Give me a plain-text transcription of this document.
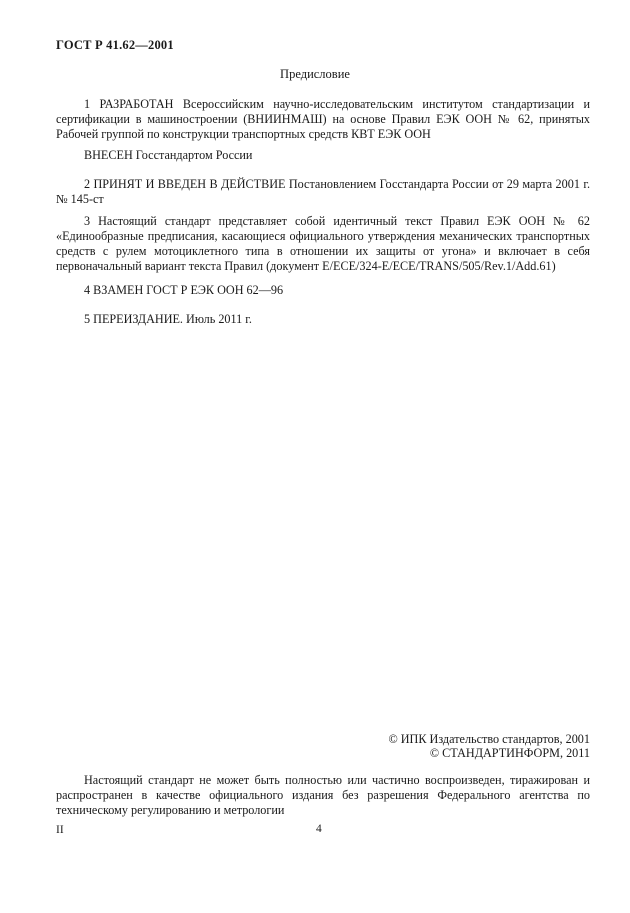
ГОСТ Р 41.62—2001
Предисловие

1 РАЗРАБОТАН Всероссийским научно-исследовательским институтом стандартизации и сертификации в машиностроении (ВНИИНМАШ) на основе Правил ЕЭК ООН № 62, принятых Рабочей группой по конструкции транспортных средств КВТ ЕЭК ООН

ВНЕСЕН Госстандартом России

2 ПРИНЯТ И ВВЕДЕН В ДЕЙСТВИЕ Постановлением Госстандарта России от 29 марта 2001 г. № 145-ст

3 Настоящий стандарт представляет собой идентичный текст Правил ЕЭК ООН № 62 «Единообразные предписания, касающиеся официального утверждения механических транспортных средств с рулем мотоциклетного типа в отношении их защиты от угона» и включает в себя первоначальный вариант текста Правил (документ E/ECE/324-E/ECE/TRANS/505/Rev.1/Add.61)

4 ВЗАМЕН ГОСТ Р ЕЭК ООН 62—96

5 ПЕРЕИЗДАНИЕ. Июль 2011 г.

© ИПК Издательство стандартов, 2001
© СТАНДАРТИНФОРМ, 2011

Настоящий стандарт не может быть полностью или частично воспроизведен, тиражирован и распространен в качестве официального издания без разрешения Федерального агентства по техническому регулированию и метрологии

II	4
